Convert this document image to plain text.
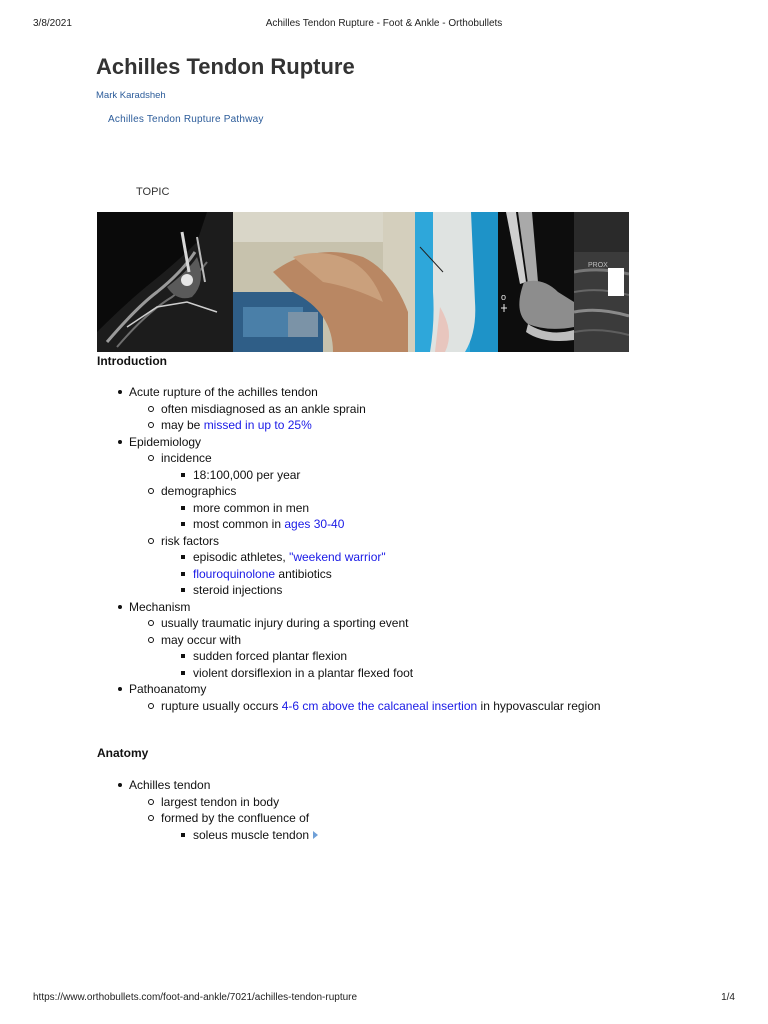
3/8/2021	Achilles Tendon Rupture - Foot & Ankle - Orthobullets
Achilles Tendon Rupture
Mark Karadsheh
Achilles Tendon Rupture Pathway
TOPIC
o
PROX
Introduction
Acute rupture of the achilles tendon
often misdiagnosed as an ankle sprain
may be missed in up to 25%
Epidemiology
incidence
18:100,000 per year
demographics
more common in men
most common in ages 30-40
risk factors
episodic athletes, "weekend warrior"
flouroquinolone antibiotics
steroid injections
Mechanism
usually traumatic injury during a sporting event
may occur with
sudden forced plantar flexion
violent dorsiflexion in a plantar flexed foot
Pathoanatomy
rupture usually occurs 4-6 cm above the calcaneal insertion in hypovascular region
Anatomy
Achilles tendon
largest tendon in body
formed by the confluence of
soleus muscle tendon
https://www.orthobullets.com/foot-and-ankle/7021/achilles-tendon-rupture	1/4
